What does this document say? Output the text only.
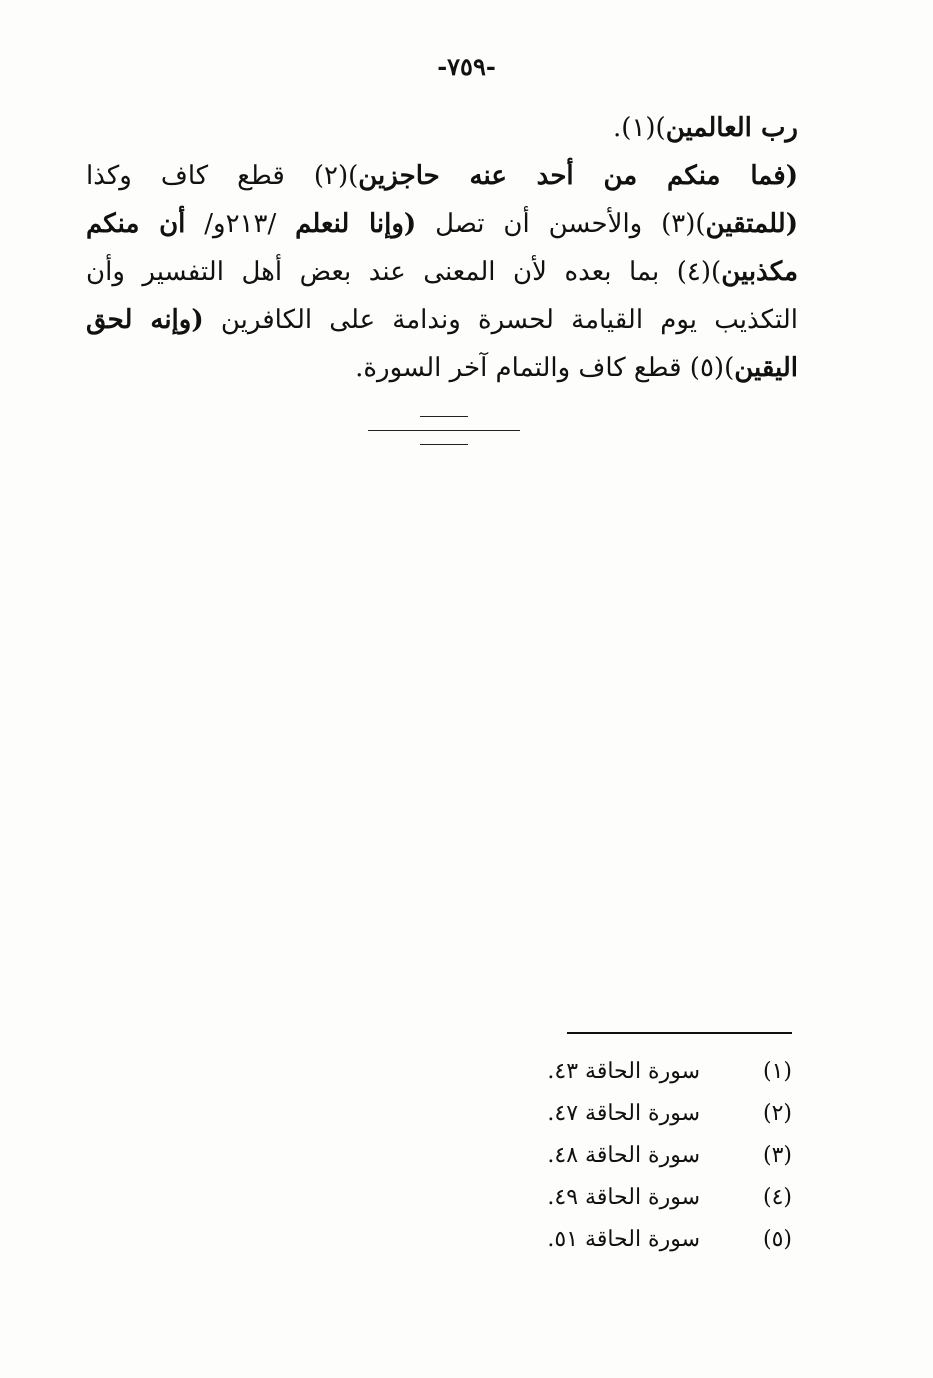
-٧٥٩-
رب العالمين)(١).
(فما منكم من أحد عنه حاجزين)(٢) قطع كاف وكذا
(للمتقين)(٣) والأحسن أن تصل (وإنا لنعلم /٢١٣و/ أن منكم
مكذبين)(٤) بما بعده لأن المعنى عند بعض أهل التفسير وأن
التكذيب يوم القيامة لحسرة وندامة على الكافرين (وإنه لحق
اليقين)(٥) قطع كاف والتمام آخر السورة.
(١)
سورة الحاقة ٤٣.
(٢)
سورة الحاقة ٤٧.
(٣)
سورة الحاقة ٤٨.
(٤)
سورة الحاقة ٤٩.
(٥)
سورة الحاقة ٥١.
